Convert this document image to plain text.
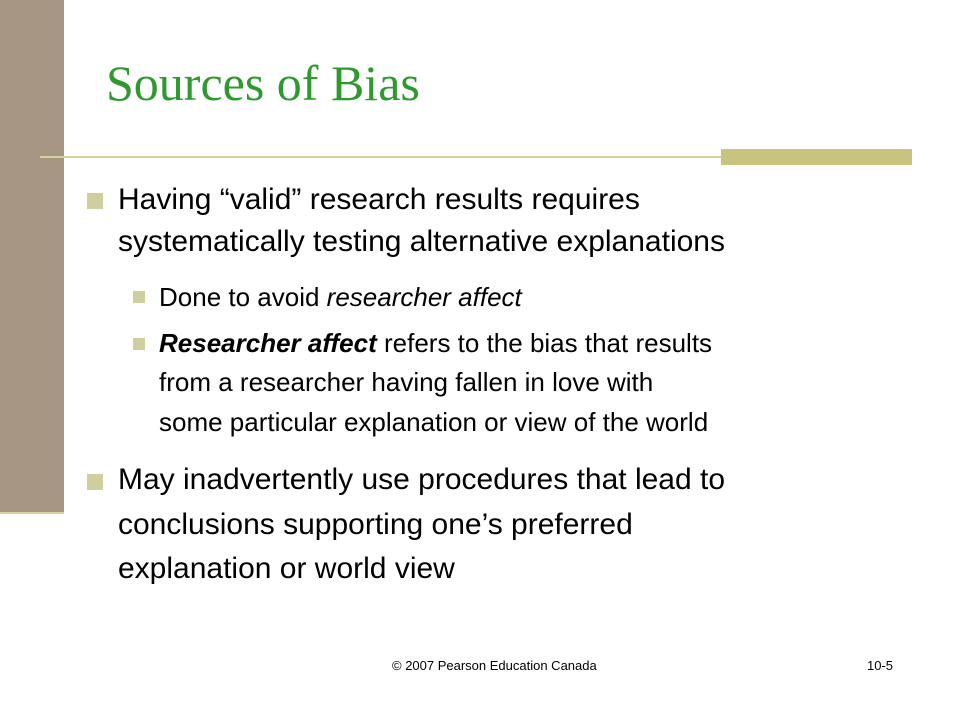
Sources of Bias
Having “valid” research results requires
systematically testing alternative explanations
Done to avoid researcher affect
Researcher affect refers to the bias that results
from a researcher having fallen in love with
some particular explanation or view of the world
May inadvertently use procedures that lead to
conclusions supporting one’s preferred
explanation or world view
© 2007 Pearson Education Canada	10-5
